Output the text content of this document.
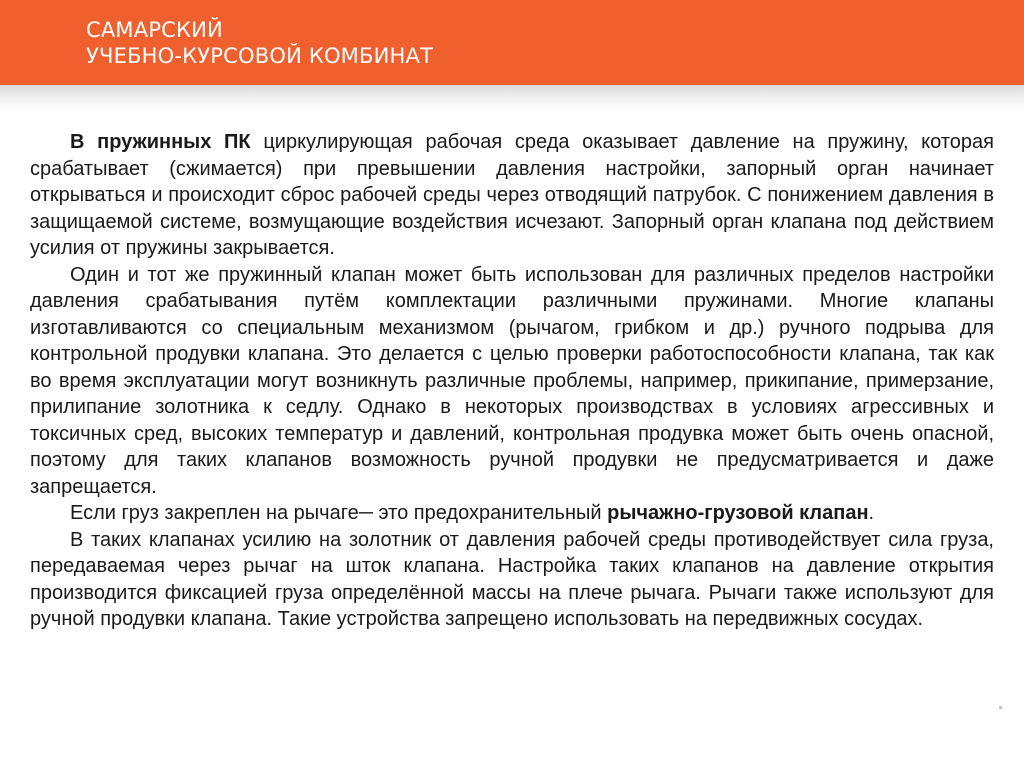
САМАРСКИЙ
УЧЕБНО-КУРСОВОЙ КОМБИНАТ

В пружинных ПК циркулирующая рабочая среда оказывает давление на пружину, которая срабатывает (сжимается) при превышении давления настройки, запорный орган начинает открываться и происходит сброс рабочей среды через отводящий патрубок. С понижением давления в защищаемой системе, возмущающие воздействия исчезают. Запорный орган клапана под действием усилия от пружины закрывается.

Один и тот же пружинный клапан может быть использован для различных пределов настройки давления срабатывания путём комплектации различными пружинами. Многие клапаны изготавливаются со специальным механизмом (рычагом, грибком и др.) ручного подрыва для контрольной продувки клапана. Это делается с целью проверки работоспособности клапана, так как во время эксплуатации могут возникнуть различные проблемы, например, прикипание, примерзание, прилипание золотника к седлу. Однако в некоторых производствах в условиях агрессивных и токсичных сред, высоких температур и давлений, контрольная продувка может быть очень опасной, поэтому для таких клапанов возможность ручной продувки не предусматривается и даже запрещается.

Если груз закреплен на рычаге─ это предохранительный рычажно-грузовой клапан.

В таких клапанах усилию на золотник от давления рабочей среды противодействует сила груза, передаваемая через рычаг на шток клапана. Настройка таких клапанов на давление открытия производится фиксацией груза определённой массы на плече рычага. Рычаги также используют для ручной продувки клапана. Такие устройства запрещено использовать на передвижных сосудах.
